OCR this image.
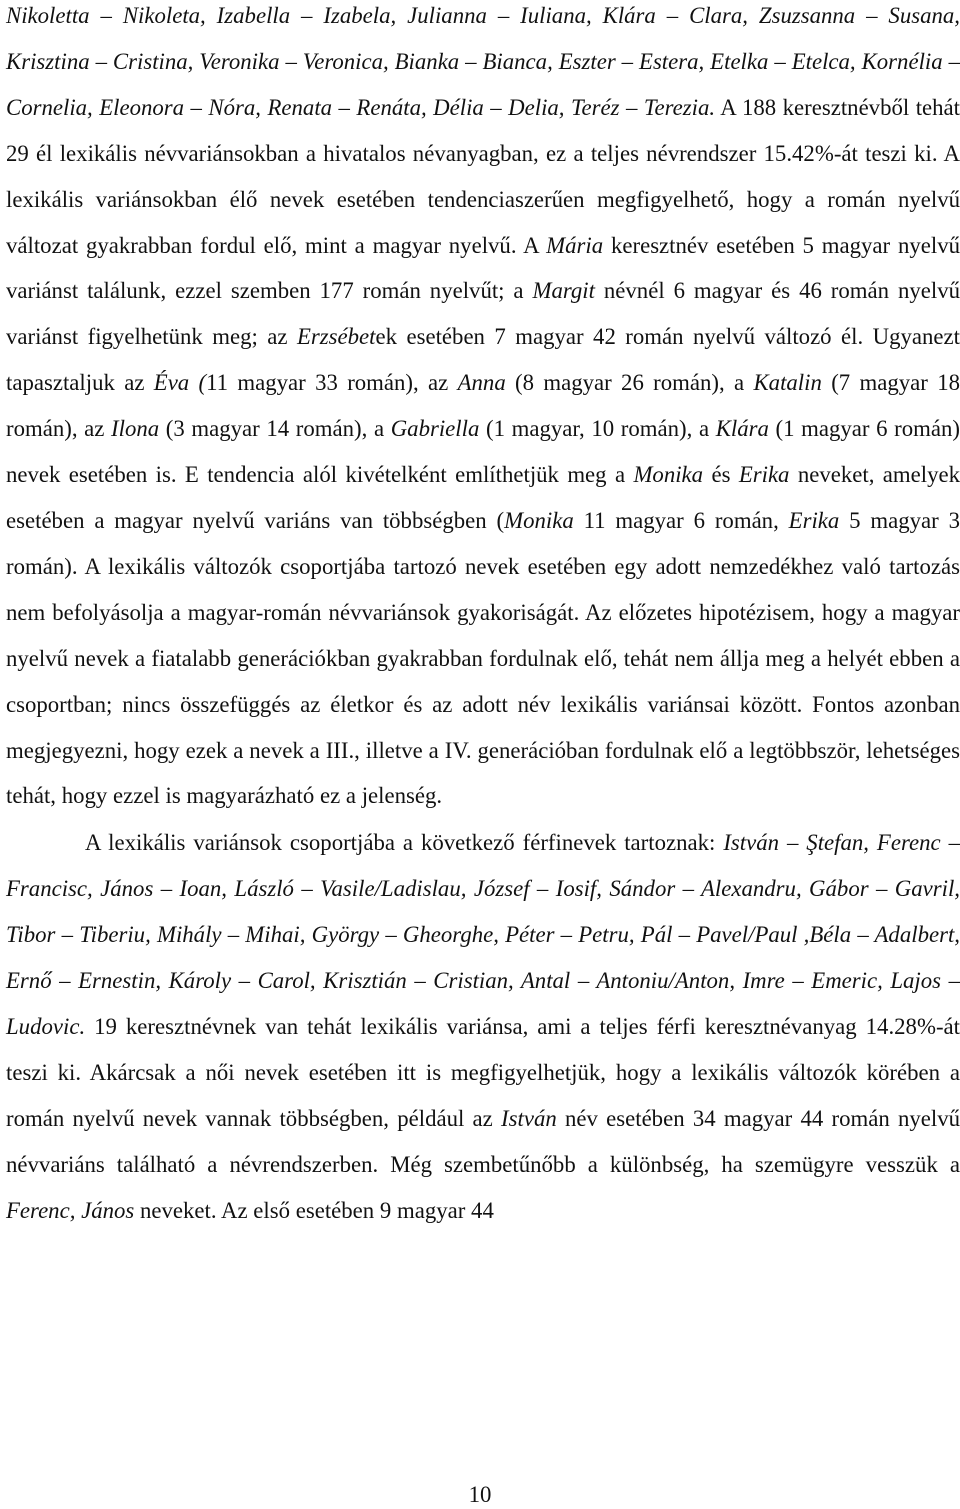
Nikoletta – Nikoleta, Izabella – Izabela, Julianna – Iuliana, Klára – Clara, Zsuzsanna – Susana, Krisztina – Cristina, Veronika – Veronica, Bianka – Bianca, Eszter – Estera, Etelka – Etelca, Kornélia – Cornelia, Eleonora – Nóra, Renata – Renáta, Délia – Delia, Teréz – Terezia. A 188 keresztnévből tehát 29 él lexikális névvariánsokban a hivatalos névanyagban, ez a teljes névrendszer 15.42%-át teszi ki. A lexikális variánsokban élő nevek esetében tendenciaszerűen megfigyelhető, hogy a román nyelvű változat gyakrabban fordul elő, mint a magyar nyelvű. A Mária keresztnév esetében 5 magyar nyelvű variánst találunk, ezzel szemben 177 román nyelvűt; a Margit névnél 6 magyar és 46 román nyelvű variánst figyelhetünk meg; az Erzsébetek esetében 7 magyar 42 román nyelvű változó él. Ugyanezt tapasztaljuk az Éva (11 magyar 33 román), az Anna (8 magyar 26 román), a Katalin (7 magyar 18 román), az Ilona (3 magyar 14 román), a Gabriella (1 magyar, 10 román), a Klára (1 magyar 6 román) nevek esetében is. E tendencia alól kivételként említhetjük meg a Monika és Erika neveket, amelyek esetében a magyar nyelvű variáns van többségben (Monika 11 magyar 6 román, Erika 5 magyar 3 román). A lexikális változók csoportjába tartozó nevek esetében egy adott nemzedékhez való tartozás nem befolyásolja a magyar-román névvariánsok gyakoriságát. Az előzetes hipotézisem, hogy a magyar nyelvű nevek a fiatalabb generációkban gyakrabban fordulnak elő, tehát nem állja meg a helyét ebben a csoportban; nincs összefüggés az életkor és az adott név lexikális variánsai között. Fontos azonban megjegyezni, hogy ezek a nevek a III., illetve a IV. generációban fordulnak elő a legtöbbször, lehetséges tehát, hogy ezzel is magyarázható ez a jelenség.

A lexikális variánsok csoportjába a következő férfinevek tartoznak: István – Ştefan, Ferenc – Francisc, János – Ioan, László – Vasile/Ladislau, József – Iosif, Sándor – Alexandru, Gábor – Gavril, Tibor – Tiberiu, Mihály – Mihai, György – Gheorghe, Péter – Petru, Pál – Pavel/Paul ,Béla – Adalbert, Ernő – Ernestin, Károly – Carol, Krisztián – Cristian, Antal – Antoniu/Anton, Imre – Emeric, Lajos – Ludovic. 19 keresztnévnek van tehát lexikális variánsa, ami a teljes férfi keresztnévanyag 14.28%-át teszi ki. Akárcsak a női nevek esetében itt is megfigyelhetjük, hogy a lexikális változók körében a román nyelvű nevek vannak többségben, például az István név esetében 34 magyar 44 román nyelvű névvariáns található a névrendszerben. Még szembetűnőbb a különbség, ha szemügyre vesszük a Ferenc, János neveket. Az első esetében 9 magyar 44

10
